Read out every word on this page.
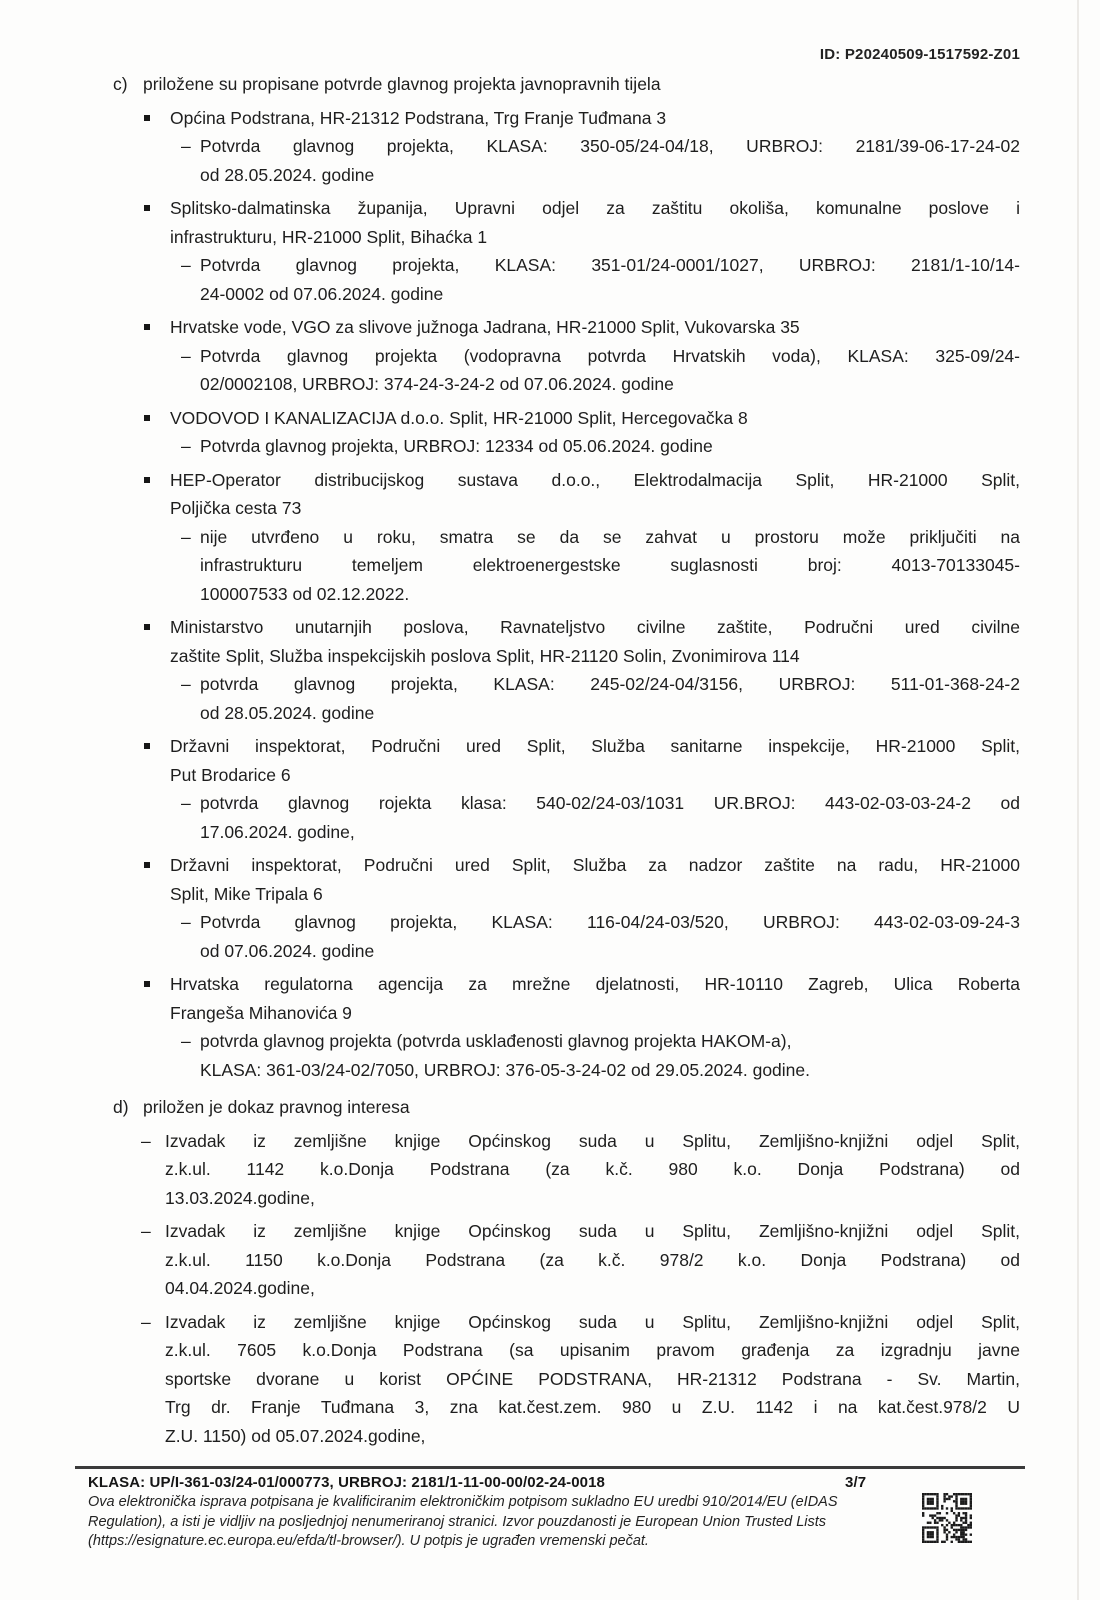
ID: P20240509-1517592-Z01
c) priložene su propisane potvrde glavnog projekta javnopravnih tijela
Općina Podstrana, HR-21312 Podstrana, Trg Franje Tuđmana 3
– Potvrda glavnog projekta, KLASA: 350-05/24-04/18, URBROJ: 2181/39-06-17-24-02
od 28.05.2024. godine
Splitsko-dalmatinska županija, Upravni odjel za zaštitu okoliša, komunalne poslove i
infrastrukturu, HR-21000 Split, Bihaćka 1
– Potvrda glavnog projekta, KLASA: 351-01/24-0001/1027, URBROJ: 2181/1-10/14-
24-0002 od 07.06.2024. godine
Hrvatske vode, VGO za slivove južnoga Jadrana, HR-21000 Split, Vukovarska 35
– Potvrda glavnog projekta (vodopravna potvrda Hrvatskih voda), KLASA: 325-09/24-
02/0002108, URBROJ: 374-24-3-24-2 od 07.06.2024. godine
VODOVOD I KANALIZACIJA d.o.o. Split, HR-21000 Split, Hercegovačka 8
– Potvrda glavnog projekta, URBROJ: 12334 od 05.06.2024. godine
HEP-Operator distribucijskog sustava d.o.o., Elektrodalmacija Split, HR-21000 Split,
Poljička cesta 73
– nije utvrđeno u roku, smatra se da se zahvat u prostoru može priključiti na
infrastrukturu temeljem elektroenergestske suglasnosti broj: 4013-70133045-
100007533 od 02.12.2022.
Ministarstvo unutarnjih poslova, Ravnateljstvo civilne zaštite, Područni ured civilne
zaštite Split, Služba inspekcijskih poslova Split, HR-21120 Solin, Zvonimirova 114
– potvrda glavnog projekta, KLASA: 245-02/24-04/3156, URBROJ: 511-01-368-24-2
od 28.05.2024. godine
Državni inspektorat, Područni ured Split, Služba sanitarne inspekcije, HR-21000 Split,
Put Brodarice 6
– potvrda glavnog rojekta klasa: 540-02/24-03/1031 UR.BROJ: 443-02-03-03-24-2 od
17.06.2024. godine,
Državni inspektorat, Područni ured Split, Služba za nadzor zaštite na radu, HR-21000
Split, Mike Tripala 6
– Potvrda glavnog projekta, KLASA: 116-04/24-03/520, URBROJ: 443-02-03-09-24-3
od 07.06.2024. godine
Hrvatska regulatorna agencija za mrežne djelatnosti, HR-10110 Zagreb, Ulica Roberta
Frangeša Mihanovića 9
– potvrda glavnog projekta (potvrda usklađenosti glavnog projekta HAKOM-a),
KLASA: 361-03/24-02/7050, URBROJ: 376-05-3-24-02 od 29.05.2024. godine.
d) priložen je dokaz pravnog interesa
– Izvadak iz zemljišne knjige Općinskog suda u Splitu, Zemljišno-knjižni odjel Split,
z.k.ul. 1142 k.o.Donja Podstrana (za k.č. 980 k.o. Donja Podstrana) od
13.03.2024.godine,
– Izvadak iz zemljišne knjige Općinskog suda u Splitu, Zemljišno-knjižni odjel Split,
z.k.ul. 1150 k.o.Donja Podstrana (za k.č. 978/2 k.o. Donja Podstrana) od
04.04.2024.godine,
– Izvadak iz zemljišne knjige Općinskog suda u Splitu, Zemljišno-knjižni odjel Split,
z.k.ul. 7605 k.o.Donja Podstrana (sa upisanim pravom građenja za izgradnju javne
sportske dvorane u korist OPĆINE PODSTRANA, HR-21312 Podstrana - Sv. Martin,
Trg dr. Franje Tuđmana 3, zna kat.čest.zem. 980 u Z.U. 1142 i na kat.čest.978/2 U
Z.U. 1150) od 05.07.2024.godine,
KLASA: UP/I-361-03/24-01/000773, URBROJ: 2181/1-11-00-00/02-24-0018	3/7
Ova elektronička isprava potpisana je kvalificiranim elektroničkim potpisom sukladno EU uredbi 910/2014/EU (eIDAS Regulation), a isti je vidljiv na posljednjoj nenumeriranoj stranici. Izvor pouzdanosti je European Union Trusted Lists (https://esignature.ec.europa.eu/efda/tl-browser/). U potpis je ugrađen vremenski pečat.
